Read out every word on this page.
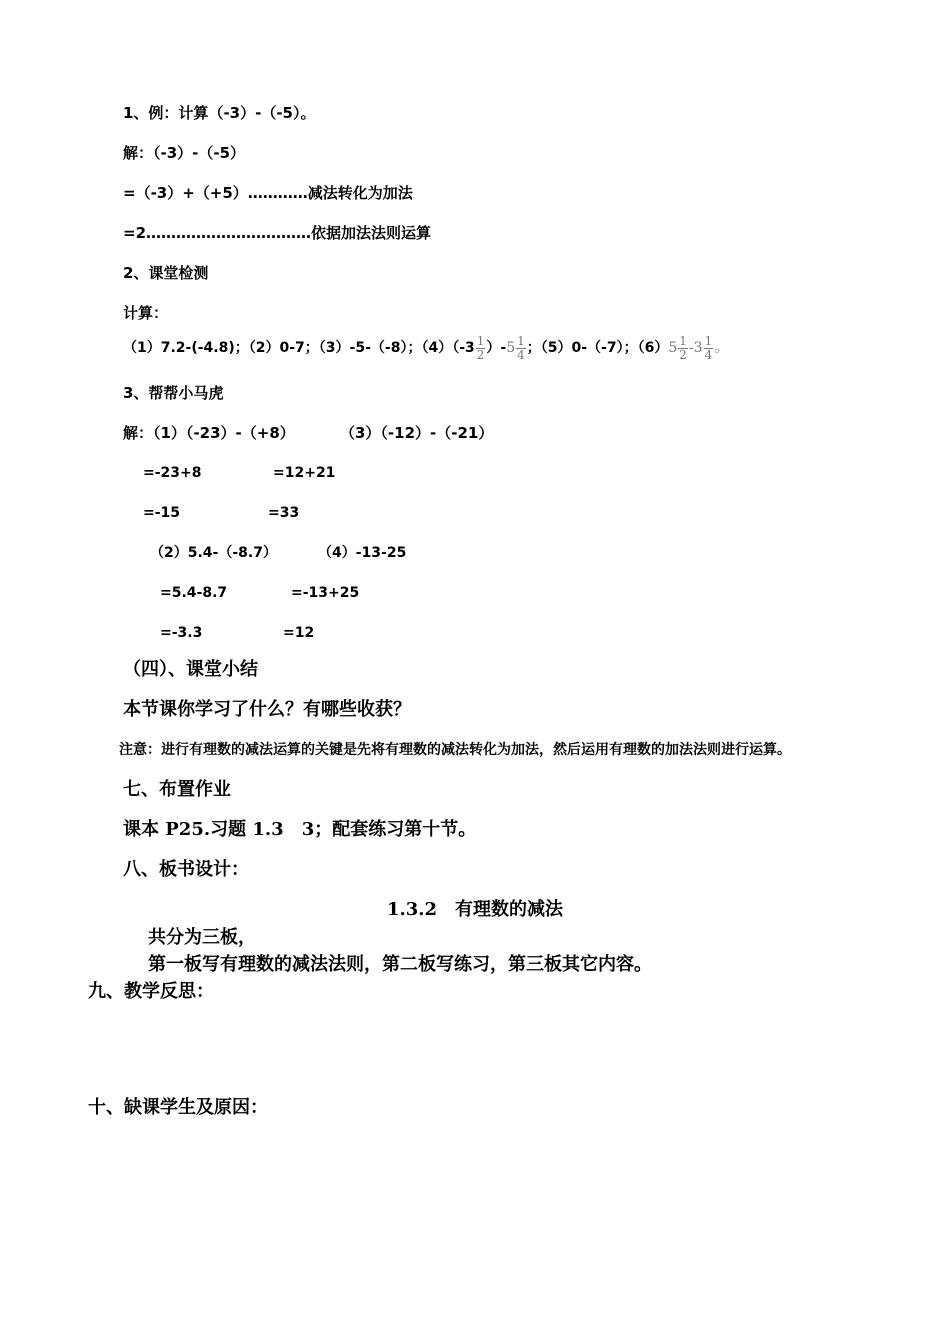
1、例：计算（-3）-（-5）。
解：（-3）-（-5）
=（-3）+（+5）…………减法转化为加法
=2……………………………依据加法法则运算
2、课堂检测
计算：
（1）7.2-(-4.8)；（2）0-7；（3）-5-（-8）；$(4)(-3 \frac{1}{2} )-5 \frac{1}{4}$ ；（5）0-（-7）；$(6)5 \frac{1}{2} -3 \frac{1}{4}$ 。
3、帮帮小马虎
解：（1）（-23）-（+8）	（3）（-12）-（-21）
=-23+8	=12+21
=-15	=33
（2）5.4-（-8.7）	（4）-13-25
=5.4-8.7	=-13+25
=-3.3	=12
（四）、课堂小结
本节课你学习了什么？有哪些收获？
注意：进行有理数的减法运算的关键是先将有理数的减法转化为加法，然后运用有理数的加法法则进行运算。
七、布置作业
课本 P25.习题 1.3　3；配套练习第十节。
八、板书设计：
1.3.2　有理数的减法
共分为三板，
第一板写有理数的减法法则，第二板写练习，第三板其它内容。
九、教学反思：
十、缺课学生及原因：
